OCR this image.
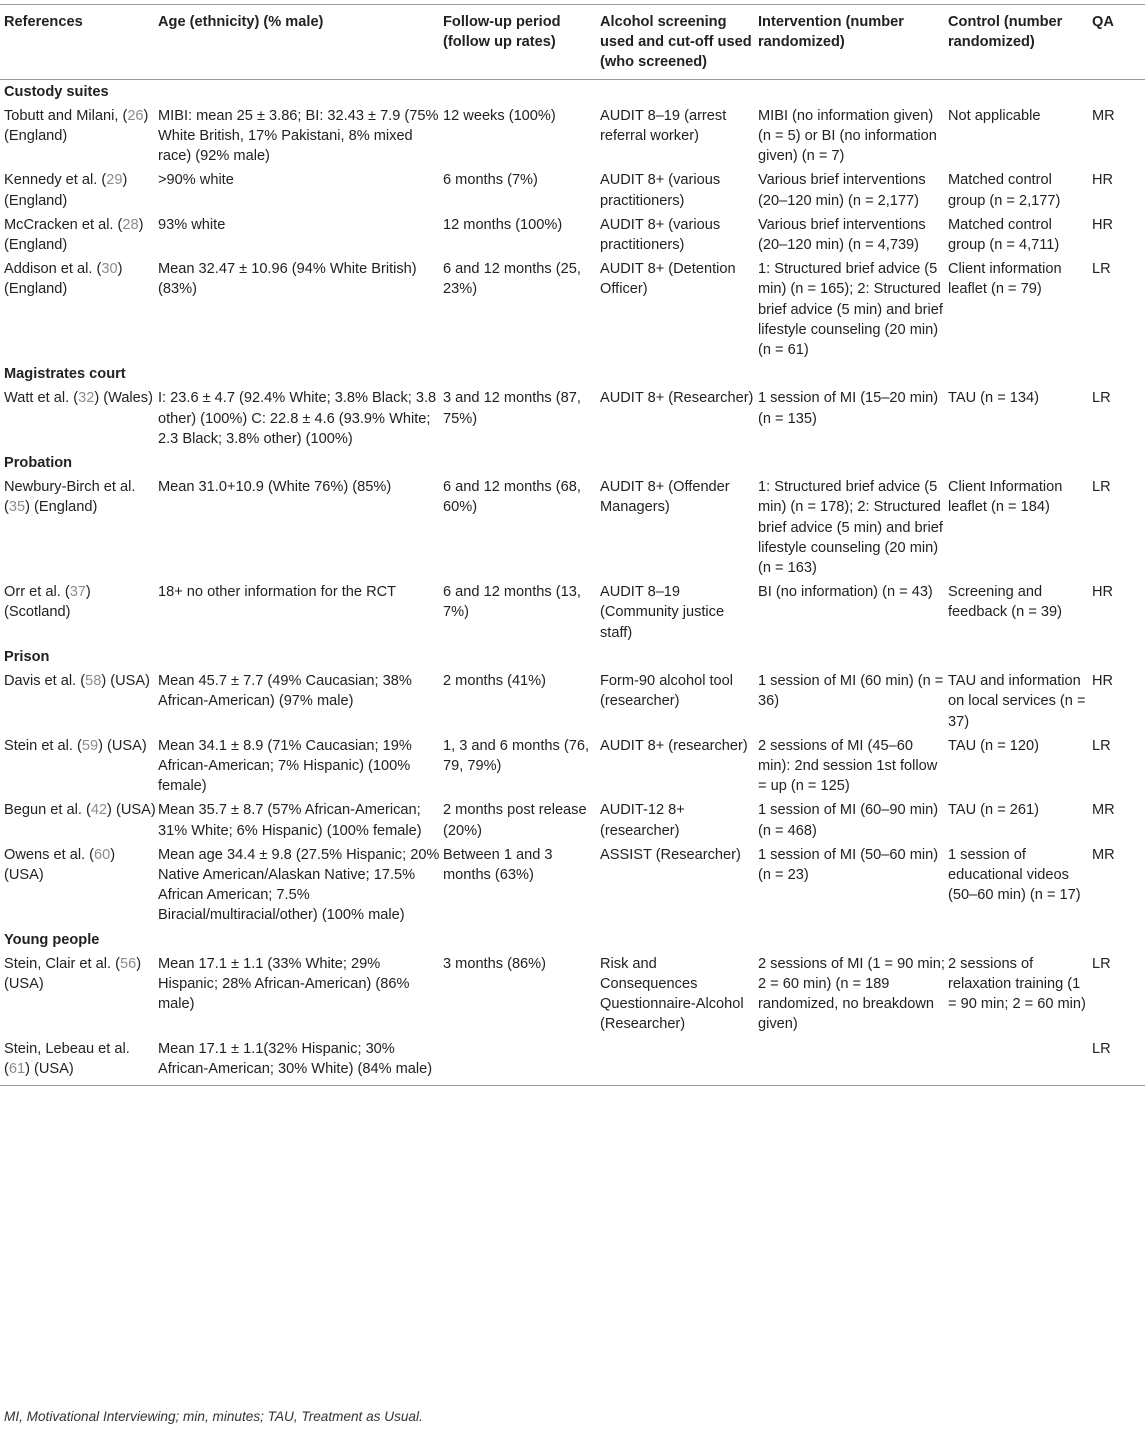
References	Age (ethnicity) (% male)	Follow-up period (follow up rates)	Alcohol screening used and cut-off used (who screened)	Intervention (number randomized)	Control (number randomized)	QA
Custody suites						
Tobutt and Milani, (26) (England)	MIBI: mean 25 ± 3.86; BI: 32.43 ± 7.9 (75% White British, 17% Pakistani, 8% mixed race) (92% male)	12 weeks (100%)	AUDIT 8–19 (arrest referral worker)	MIBI (no information given) (n = 5) or BI (no information given) (n = 7)	Not applicable	MR
Kennedy et al. (29) (England)	>90% white	6 months (7%)	AUDIT 8+ (various practitioners)	Various brief interventions (20–120 min) (n = 2,177)	Matched control group (n = 2,177)	HR
McCracken et al. (28) (England)	93% white	12 months (100%)	AUDIT 8+ (various practitioners)	Various brief interventions (20–120 min) (n = 4,739)	Matched control group (n = 4,711)	HR
Addison et al. (30) (England)	Mean 32.47 ± 10.96 (94% White British) (83%)	6 and 12 months (25, 23%)	AUDIT 8+ (Detention Officer)	1: Structured brief advice (5 min) (n = 165); 2: Structured brief advice (5 min) and brief lifestyle counseling (20 min) (n = 61)	Client information leaflet (n = 79)	LR
Magistrates court						
Watt et al. (32) (Wales)	I: 23.6 ± 4.7 (92.4% White; 3.8% Black; 3.8 other) (100%) C: 22.8 ± 4.6 (93.9% White; 2.3 Black; 3.8% other) (100%)	3 and 12 months (87, 75%)	AUDIT 8+ (Researcher)	1 session of MI (15–20 min) (n = 135)	TAU (n = 134)	LR
Probation						
Newbury-Birch et al. (35) (England)	Mean 31.0+10.9 (White 76%) (85%)	6 and 12 months (68, 60%)	AUDIT 8+ (Offender Managers)	1: Structured brief advice (5 min) (n = 178); 2: Structured brief advice (5 min) and brief lifestyle counseling (20 min) (n = 163)	Client Information leaflet (n = 184)	LR
Orr et al. (37) (Scotland)	18+ no other information for the RCT	6 and 12 months (13, 7%)	AUDIT 8–19 (Community justice staff)	BI (no information) (n = 43)	Screening and feedback (n = 39)	HR
Prison						
Davis et al. (58) (USA)	Mean 45.7 ± 7.7 (49% Caucasian; 38% African-American) (97% male)	2 months (41%)	Form-90 alcohol tool (researcher)	1 session of MI (60 min) (n = 36)	TAU and information on local services (n = 37)	HR
Stein et al. (59) (USA)	Mean 34.1 ± 8.9 (71% Caucasian; 19% African-American; 7% Hispanic) (100% female)	1, 3 and 6 months (76, 79, 79%)	AUDIT 8+ (researcher)	2 sessions of MI (45–60 min): 2nd session 1st follow = up (n = 125)	TAU (n = 120)	LR
Begun et al. (42) (USA)	Mean 35.7 ± 8.7 (57% African-American; 31% White; 6% Hispanic) (100% female)	2 months post release (20%)	AUDIT-12 8+ (researcher)	1 session of MI (60–90 min) (n = 468)	TAU (n = 261)	MR
Owens et al. (60) (USA)	Mean age 34.4 ± 9.8 (27.5% Hispanic; 20% Native American/Alaskan Native; 17.5% African American; 7.5% Biracial/multiracial/other) (100% male)	Between 1 and 3 months (63%)	ASSIST (Researcher)	1 session of MI (50–60 min) (n = 23)	1 session of educational videos (50–60 min) (n = 17)	MR
Young people						
Stein, Clair et al. (56) (USA)	Mean 17.1 ± 1.1 (33% White; 29% Hispanic; 28% African-American) (86% male)	3 months (86%)	Risk and Consequences Questionnaire-Alcohol (Researcher)	2 sessions of MI (1 = 90 min; 2 = 60 min) (n = 189 randomized, no breakdown given)	2 sessions of relaxation training (1 = 90 min; 2 = 60 min)	LR
Stein, Lebeau et al. (61) (USA)	Mean 17.1 ± 1.1(32% Hispanic; 30% African-American; 30% White) (84% male)					LR
MI, Motivational Interviewing; min, minutes; TAU, Treatment as Usual.
